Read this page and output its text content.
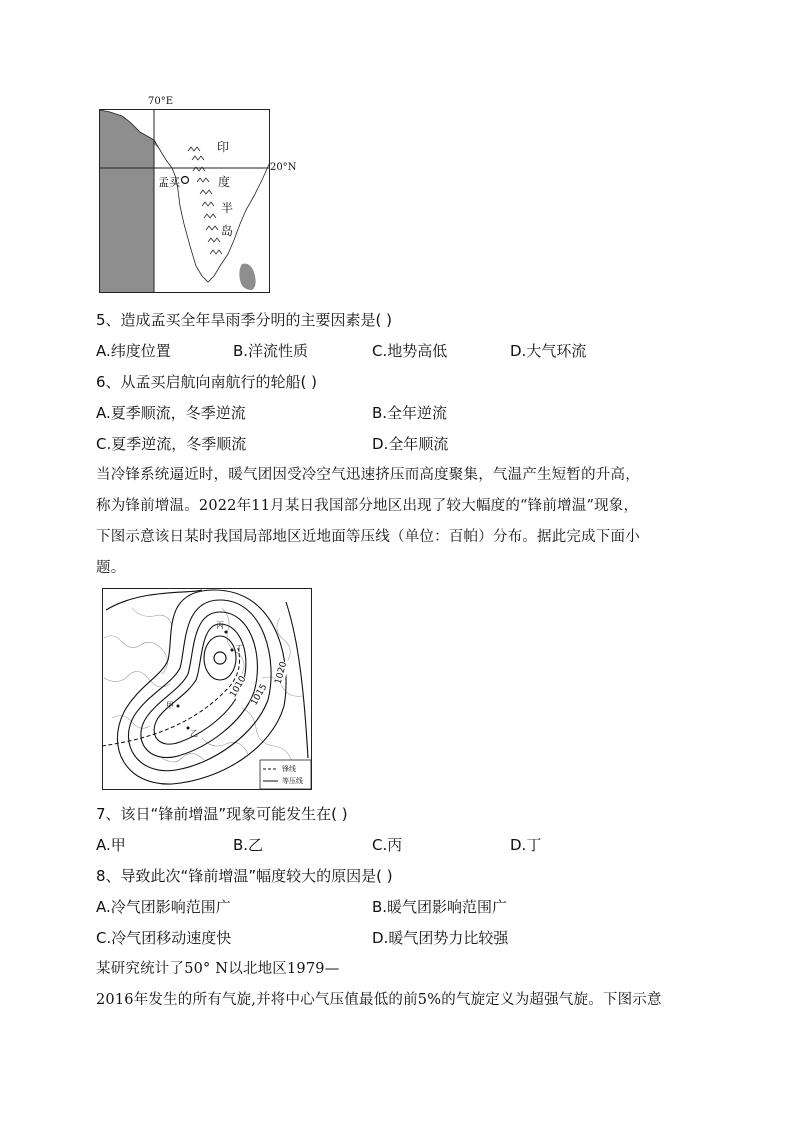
70°E
20°N
孟买
印
度
半
岛
5、造成孟买全年旱雨季分明的主要因素是( )
A.纬度位置	B.洋流性质	C.地势高低	D.大气环流
6、从孟买启航向南航行的轮船( )
A.夏季顺流，冬季逆流	B.全年逆流
C.夏季逆流，冬季顺流	D.全年顺流
当冷锋系统逼近时，暖气团因受冷空气迅速挤压而高度聚集，气温产生短暂的升高，
称为锋前增温。2022年11月某日我国部分地区出现了较大幅度的“锋前增温”现象，
下图示意该日某时我国局部地区近地面等压线（单位：百帕）分布。据此完成下面小
题。
1020
1015
1010
丙
丁
甲
乙
锋线
等压线
7、该日“锋前增温”现象可能发生在( )
A.甲	B.乙	C.丙	D.丁
8、导致此次“锋前增温”幅度较大的原因是( )
A.冷气团影响范围广	B.暖气团影响范围广
C.冷气团移动速度快	D.暖气团势力比较强
某研究统计了50° N以北地区1979—
2016年发生的所有气旋,并将中心气压值最低的前5%的气旋定义为超强气旋。下图示意
